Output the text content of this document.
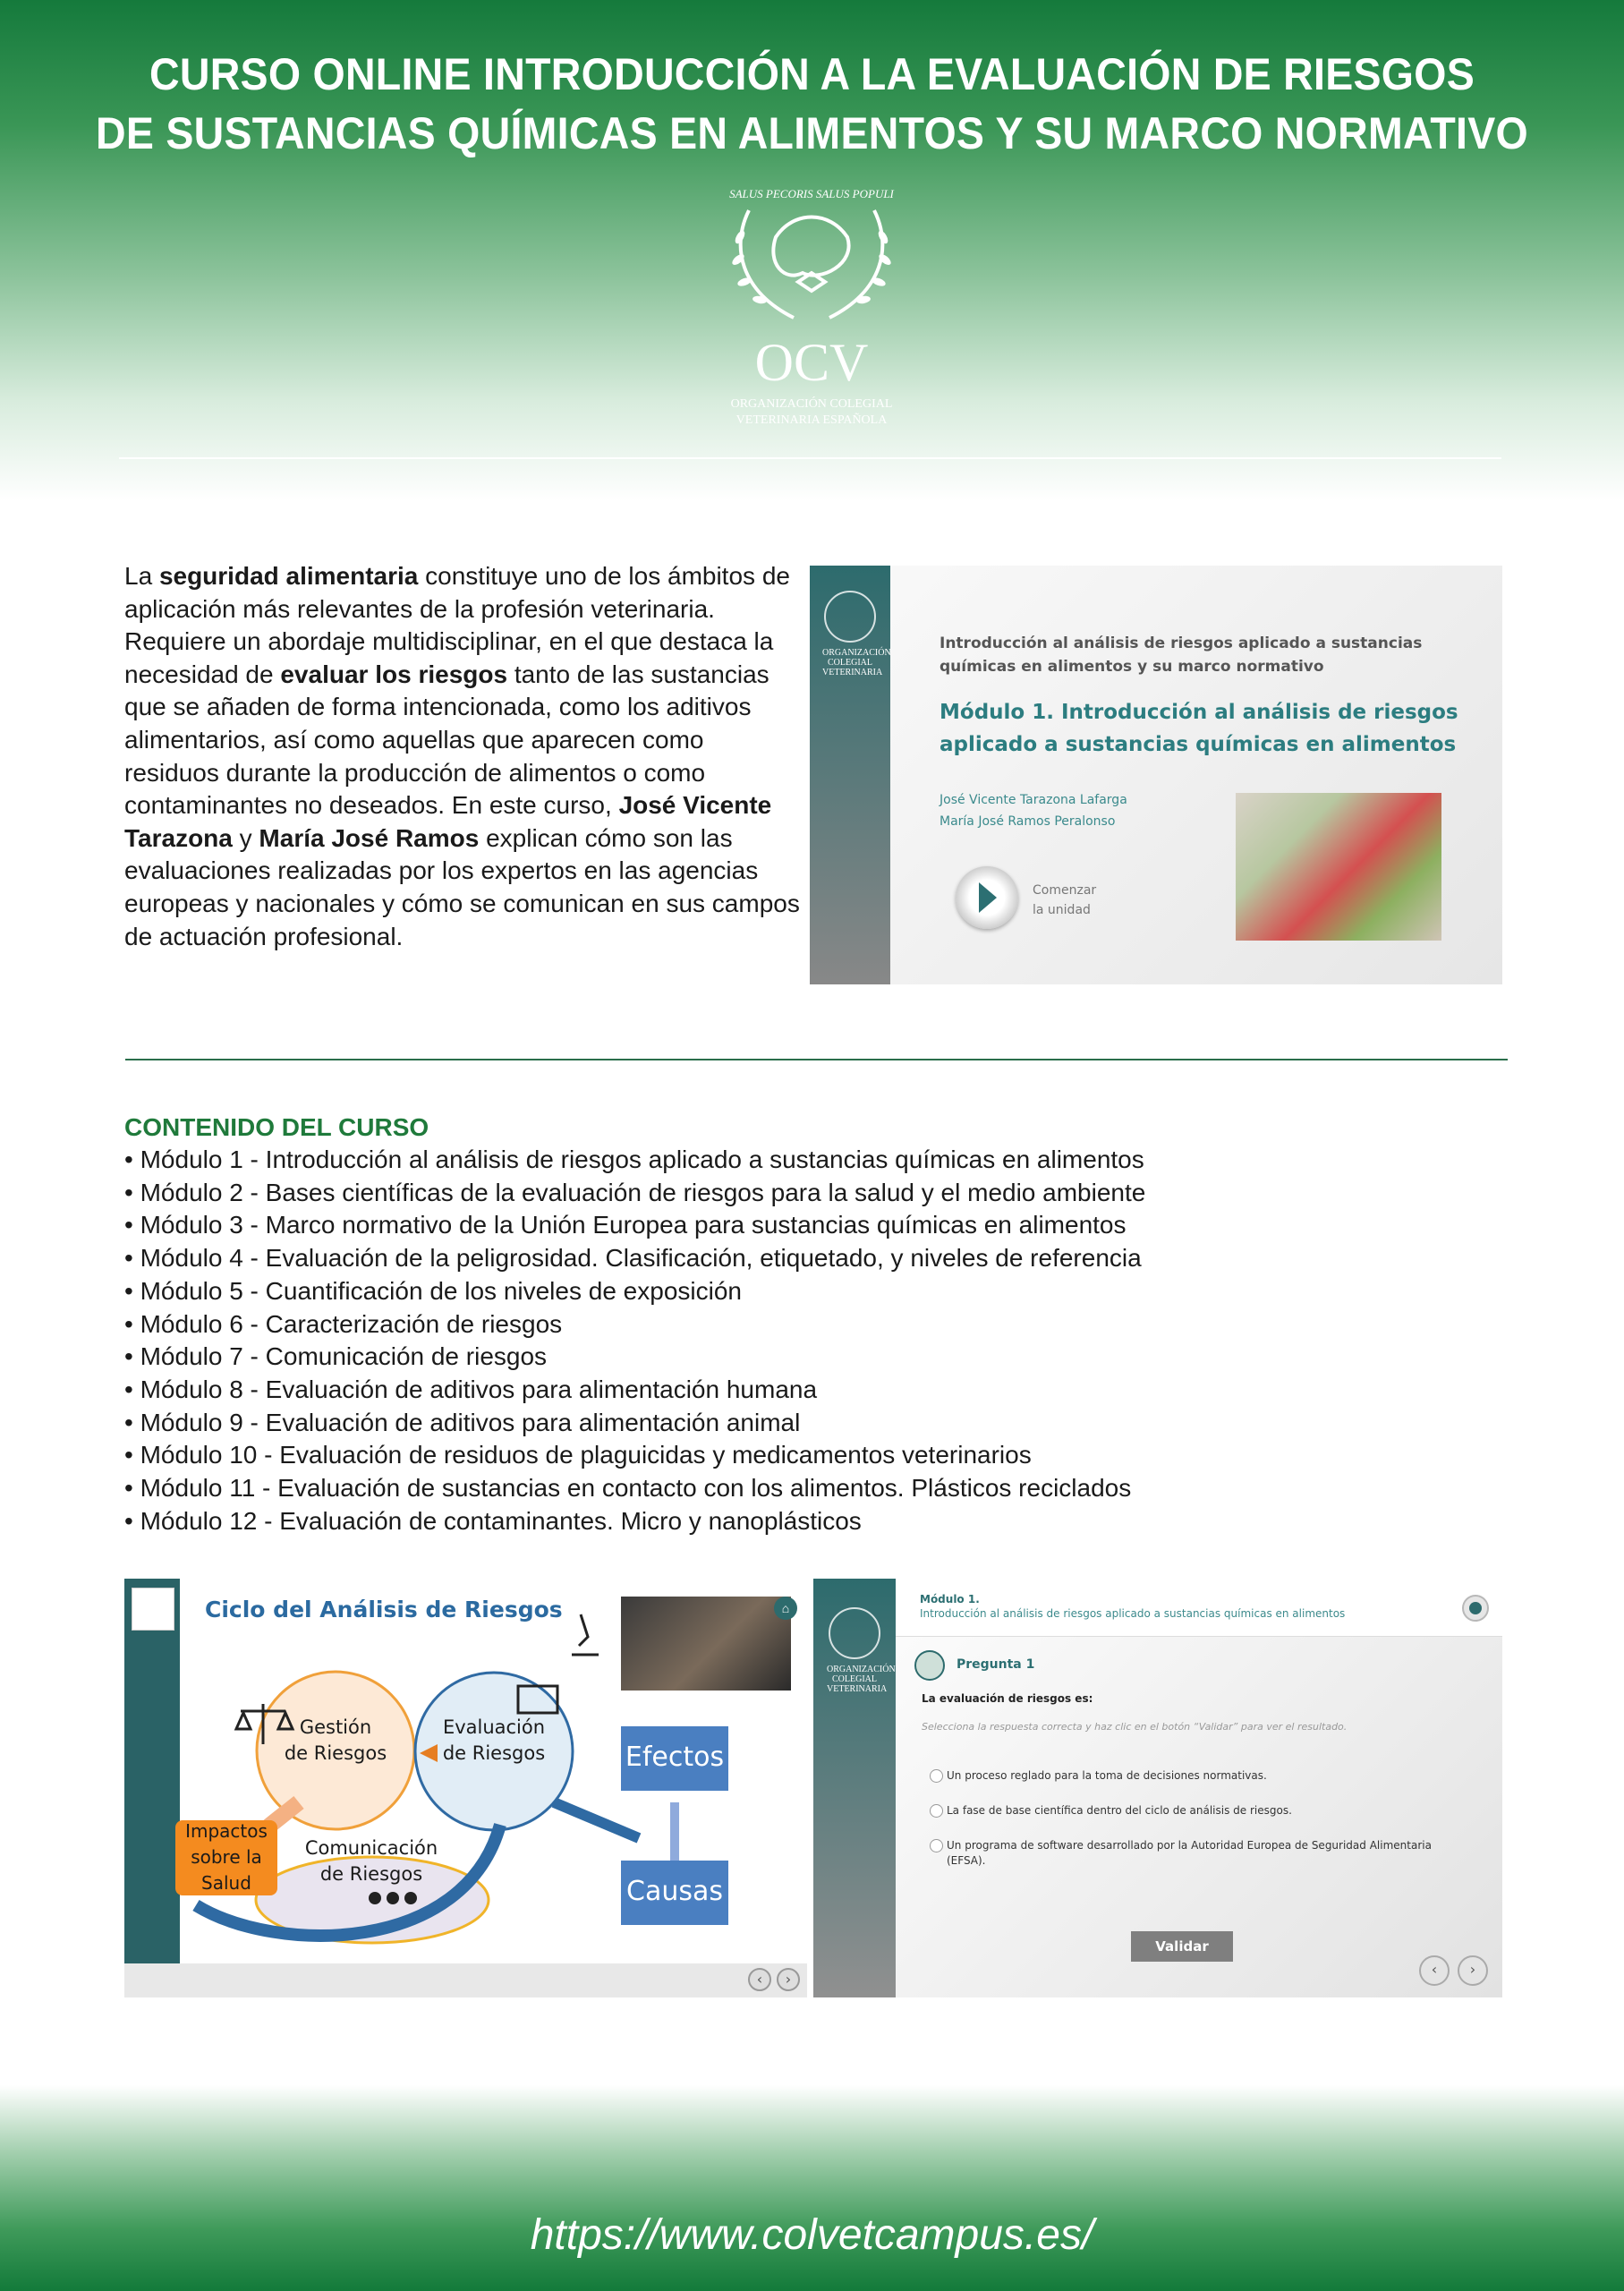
CURSO ONLINE INTRODUCCIÓN A LA EVALUACIÓN DE RIESGOS
DE SUSTANCIAS QUÍMICAS EN ALIMENTOS Y SU MARCO NORMATIVO
SALUS PECORIS SALUS POPULI
OCV
ORGANIZACIÓN COLEGIAL
VETERINARIA ESPAÑOLA
La seguridad alimentaria constituye uno de los ámbitos de aplicación más relevantes de la profesión veterinaria. Requiere un abordaje multidisciplinar, en el que destaca la necesidad de evaluar los riesgos tanto de las sustancias que se añaden de forma intencionada, como los aditivos alimentarios, así como aquellas que aparecen como residuos durante la producción de alimentos o como contaminantes no deseados. En este curso, José Vicente Tarazona y María José Ramos explican cómo son las evaluaciones realizadas por los expertos en las agencias europeas y nacionales y cómo se comunican en sus campos de actuación profesional.
ORGANIZACIÓN
COLEGIAL
VETERINARIA
Introducción al análisis de riesgos aplicado a sustancias químicas en alimentos y su marco normativo
Módulo 1. Introducción al análisis de riesgos aplicado a sustancias químicas en alimentos
José Vicente Tarazona Lafarga
María José Ramos Peralonso
Comenzar
la unidad
CONTENIDO DEL CURSO
• Módulo 1 - Introducción al análisis de riesgos aplicado a sustancias químicas en alimentos
• Módulo 2 - Bases científicas de la evaluación de riesgos para la salud y el medio ambiente
• Módulo 3 - Marco normativo de la Unión Europea para sustancias químicas en alimentos
• Módulo 4 - Evaluación de la peligrosidad. Clasificación, etiquetado, y niveles de referencia
• Módulo 5 - Cuantificación de los niveles de exposición
• Módulo 6 - Caracterización de riesgos
• Módulo 7 - Comunicación de riesgos
• Módulo 8 - Evaluación de aditivos para alimentación humana
• Módulo 9 - Evaluación de aditivos para alimentación animal
• Módulo 10 - Evaluación de residuos de plaguicidas y medicamentos veterinarios
• Módulo 11 - Evaluación de sustancias en contacto con los alimentos. Plásticos reciclados
• Módulo 12 - Evaluación de contaminantes. Micro y nanoplásticos
Ciclo del Análisis de Riesgos	⌂
Gestión
de Riesgos
Evaluación
de Riesgos
Comunicación
de Riesgos
Impactos
sobre la
Salud
Efectos
Causas
‹	›
ORGANIZACIÓN
COLEGIAL
VETERINARIA
Módulo 1.
Introducción al análisis de riesgos aplicado a sustancias químicas en alimentos
Pregunta 1
La evaluación de riesgos es:
Selecciona la respuesta correcta y haz clic en el botón “Validar” para ver el resultado.
Un proceso reglado para la toma de decisiones normativas.
La fase de base científica dentro del ciclo de análisis de riesgos.
Un programa de software desarrollado por la Autoridad Europea de Seguridad Alimentaria (EFSA).
Validar
‹	›
https://www.colvetcampus.es/
